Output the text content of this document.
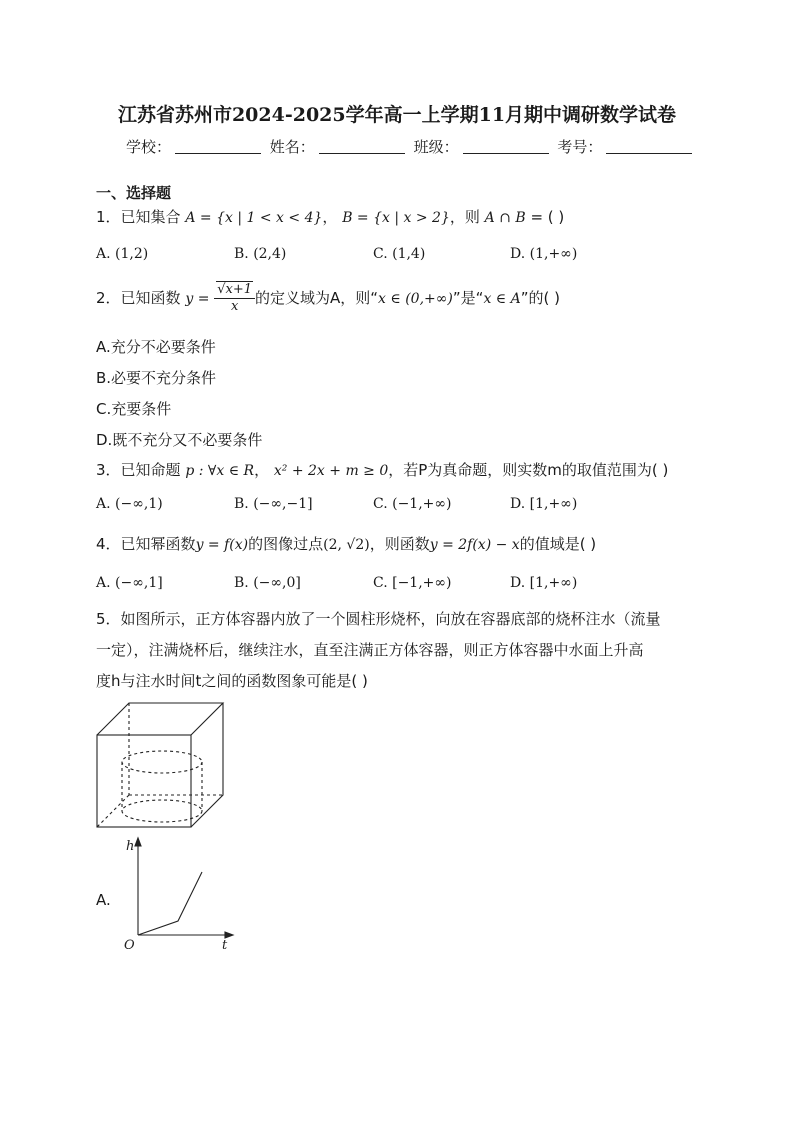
江苏省苏州市2024-2025学年高一上学期11月期中调研数学试卷
学校：	姓名：	班级：	考号：
一、选择题
1．已知集合 A = {x | 1 < x < 4}， B = {x | x > 2}，则 A ∩ B = ( )
A. (1,2)	B. (2,4)	C. (1,4)	D. (1,+∞)
2．已知函数 $y = \frac{√x+1}{x}$ 的定义域为A，则“x ∈ (0,+∞)”是“x ∈ A”的( )
A.充分不必要条件
B.必要不充分条件
C.充要条件
D.既不充分又不必要条件
3．已知命题 p : ∀x ∈ R， x² + 2x + m ≥ 0，若P为真命题，则实数m的取值范围为( )
A. (−∞,1)	B. (−∞,−1]	C. (−1,+∞)	D. [1,+∞)
4．已知幂函数y = f(x)的图像过点(2, √2)，则函数y = 2f(x) − x的值域是( )
A. (−∞,1]	B. (−∞,0]	C. [−1,+∞)	D. [1,+∞)
5．如图所示，正方体容器内放了一个圆柱形烧杯，向放在容器底部的烧杯注水（流量
一定），注满烧杯后，继续注水，直至注满正方体容器，则正方体容器中水面上升高
度h与注水时间t之间的函数图象可能是( )
A.
h
t
O
